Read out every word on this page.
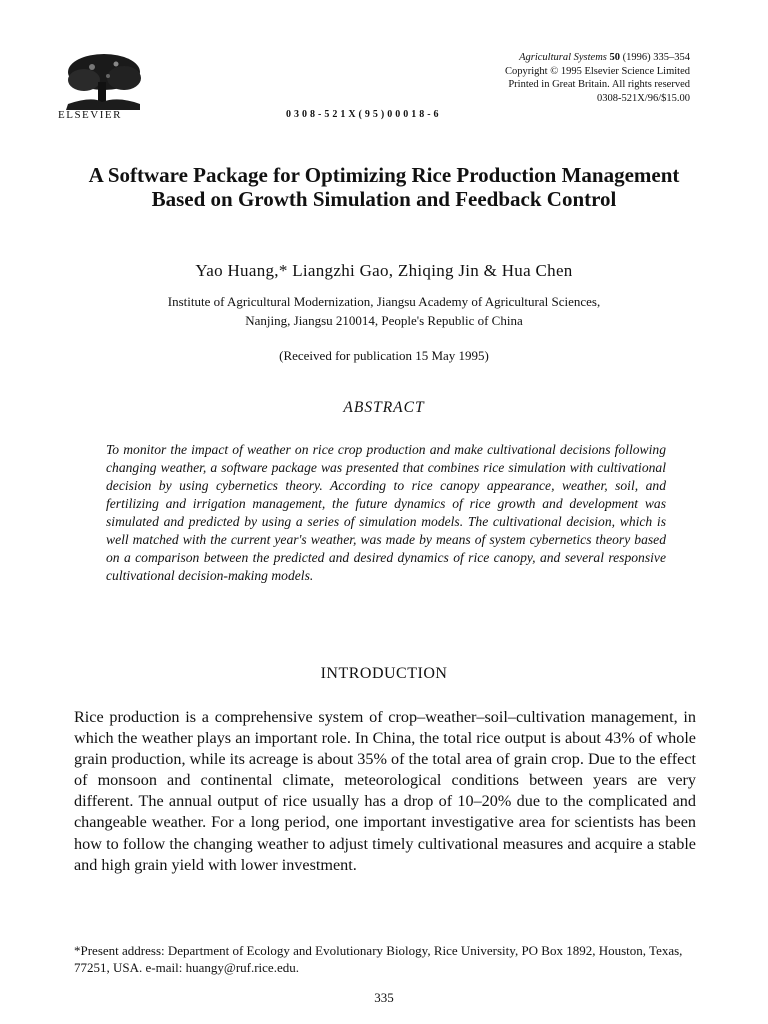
ELSEVIER	0308-521X(95)00018-6
Agricultural Systems 50 (1996) 335–354
Copyright © 1995 Elsevier Science Limited
Printed in Great Britain. All rights reserved
0308-521X/96/$15.00
A Software Package for Optimizing Rice Production Management Based on Growth Simulation and Feedback Control
Yao Huang,* Liangzhi Gao, Zhiqing Jin & Hua Chen
Institute of Agricultural Modernization, Jiangsu Academy of Agricultural Sciences,
Nanjing, Jiangsu 210014, People's Republic of China
(Received for publication 15 May 1995)
ABSTRACT
To monitor the impact of weather on rice crop production and make cultivational decisions following changing weather, a software package was presented that combines rice simulation with cultivational decision by using cybernetics theory. According to rice canopy appearance, weather, soil, and fertilizing and irrigation management, the future dynamics of rice growth and development was simulated and predicted by using a series of simulation models. The cultivational decision, which is well matched with the current year's weather, was made by means of system cybernetics theory based on a comparison between the predicted and desired dynamics of rice canopy, and several responsive cultivational decision-making models.
INTRODUCTION
Rice production is a comprehensive system of crop–weather–soil–cultivation management, in which the weather plays an important role. In China, the total rice output is about 43% of whole grain production, while its acreage is about 35% of the total area of grain crop. Due to the effect of monsoon and continental climate, meteorological conditions between years are very different. The annual output of rice usually has a drop of 10–20% due to the complicated and changeable weather. For a long period, one important investigative area for scientists has been how to follow the changing weather to adjust timely cultivational measures and acquire a stable and high grain yield with lower investment.
*Present address: Department of Ecology and Evolutionary Biology, Rice University, PO Box 1892, Houston, Texas, 77251, USA. e-mail: huangy@ruf.rice.edu.
335
